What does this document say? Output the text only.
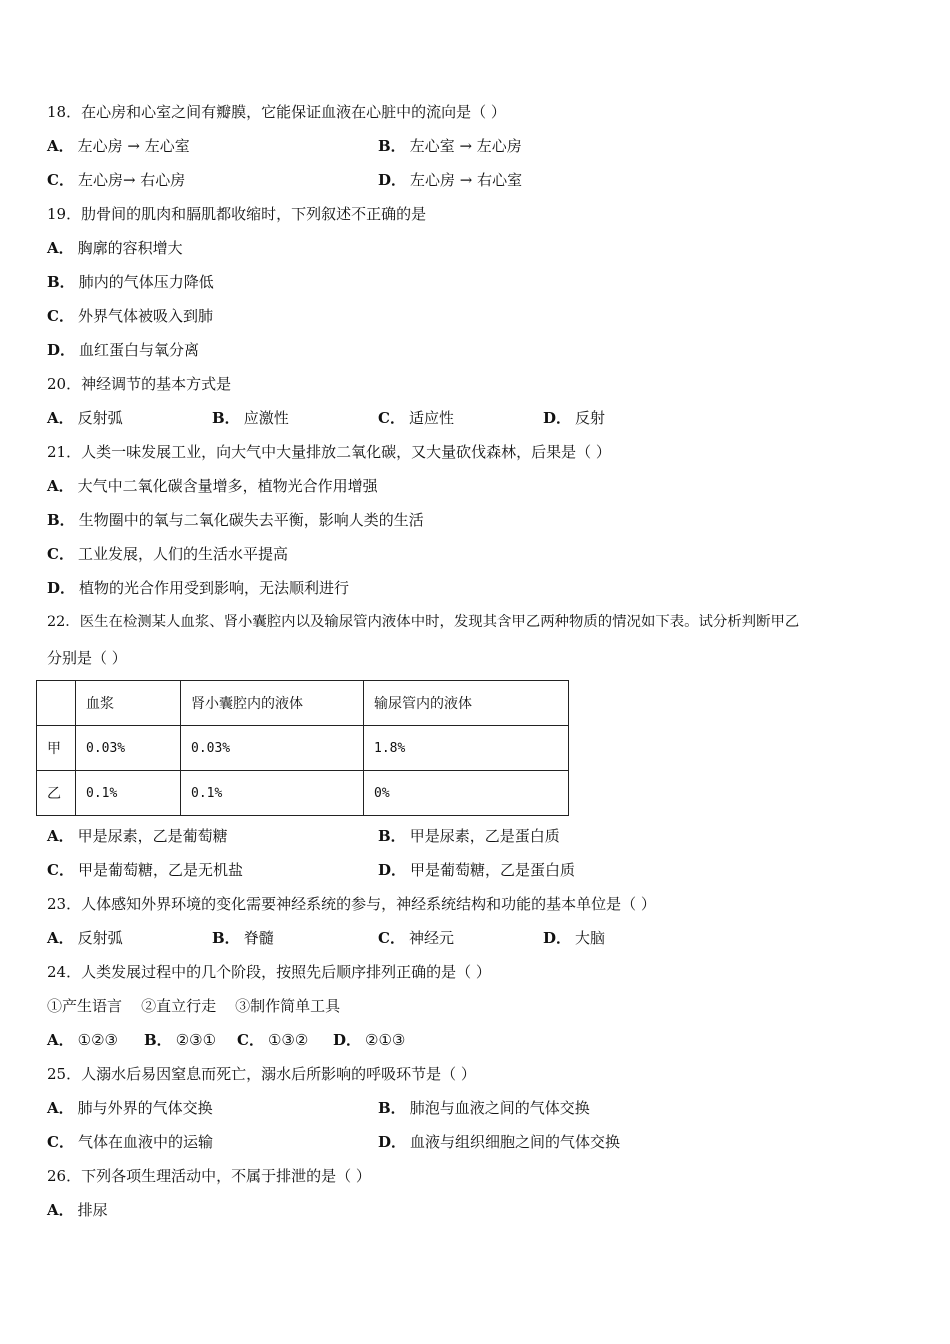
18．在心房和心室之间有瓣膜，它能保证血液在心脏中的流向是（ ）
A． 左心房 → 左心室	B． 左心室 → 左心房
C． 左心房→ 右心房	D． 左心房 → 右心室
19．肋骨间的肌肉和膈肌都收缩时，下列叙述不正确的是
A． 胸廓的容积增大
B． 肺内的气体压力降低
C． 外界气体被吸入到肺
D． 血红蛋白与氧分离
20．神经调节的基本方式是
A． 反射弧	B． 应激性	C． 适应性	D． 反射
21．人类一味发展工业，向大气中大量排放二氧化碳，又大量砍伐森林，后果是（ ）
A． 大气中二氧化碳含量增多，植物光合作用增强
B． 生物圈中的氧与二氧化碳失去平衡，影响人类的生活
C． 工业发展，人们的生活水平提高
D． 植物的光合作用受到影响，无法顺利进行
22．医生在检测某人血浆、肾小囊腔内以及输尿管内液体中时，发现其含甲乙两种物质的情况如下表。试分析判断甲乙
分别是（ ）
	血浆	肾小囊腔内的液体	输尿管内的液体
甲	0.03%	0.03%	1.8%
乙	0.1%	0.1%	0%
A． 甲是尿素，乙是葡萄糖	B． 甲是尿素，乙是蛋白质
C． 甲是葡萄糖，乙是无机盐	D． 甲是葡萄糖，乙是蛋白质
23．人体感知外界环境的变化需要神经系统的参与，神经系统结构和功能的基本单位是（ ）
A． 反射弧	B． 脊髓	C． 神经元	D． 大脑
24．人类发展过程中的几个阶段，按照先后顺序排列正确的是（ ）
①产生语言    ②直立行走    ③制作简单工具
A． ①②③ B． ②③① C． ①③② D． ②①③
25．人溺水后易因窒息而死亡，溺水后所影响的呼吸环节是（ ）
A． 肺与外界的气体交换	B． 肺泡与血液之间的气体交换
C． 气体在血液中的运输	D． 血液与组织细胞之间的气体交换
26．下列各项生理活动中，不属于排泄的是（ ）
A． 排尿
